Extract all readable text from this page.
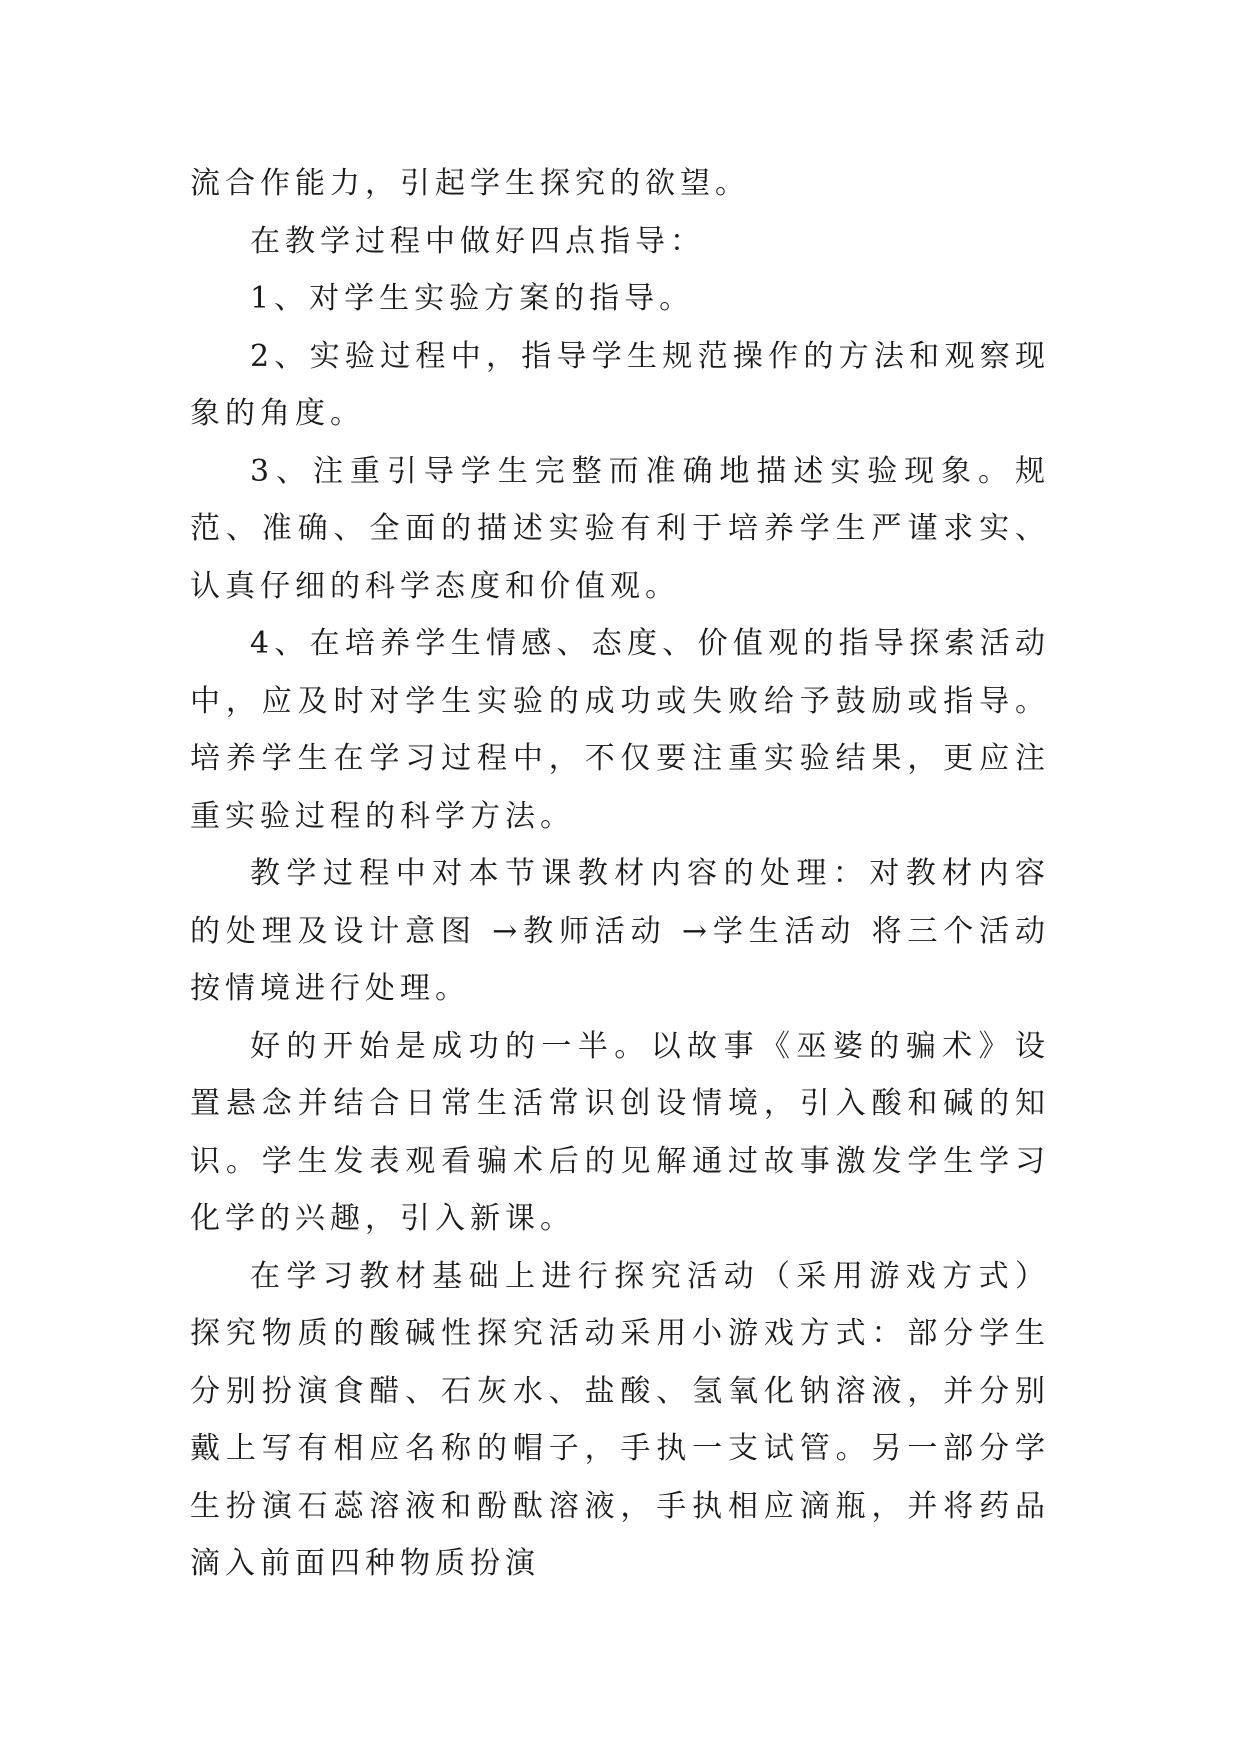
流合作能力，引起学生探究的欲望。

在教学过程中做好四点指导：

1、对学生实验方案的指导。

2、实验过程中，指导学生规范操作的方法和观察现象的角度。

3、注重引导学生完整而准确地描述实验现象。规范、准确、全面的描述实验有利于培养学生严谨求实、认真仔细的科学态度和价值观。

4、在培养学生情感、态度、价值观的指导探索活动中，应及时对学生实验的成功或失败给予鼓励或指导。培养学生在学习过程中，不仅要注重实验结果，更应注重实验过程的科学方法。

教学过程中对本节课教材内容的处理：对教材内容的处理及设计意图 →教师活动 →学生活动 将三个活动按情境进行处理。

好的开始是成功的一半。以故事《巫婆的骗术》设置悬念并结合日常生活常识创设情境，引入酸和碱的知识。学生发表观看骗术后的见解通过故事激发学生学习化学的兴趣，引入新课。

在学习教材基础上进行探究活动（采用游戏方式）探究物质的酸碱性探究活动采用小游戏方式：部分学生分别扮演食醋、石灰水、盐酸、氢氧化钠溶液，并分别戴上写有相应名称的帽子，手执一支试管。另一部分学生扮演石蕊溶液和酚酞溶液，手执相应滴瓶，并将药品滴入前面四种物质扮演
